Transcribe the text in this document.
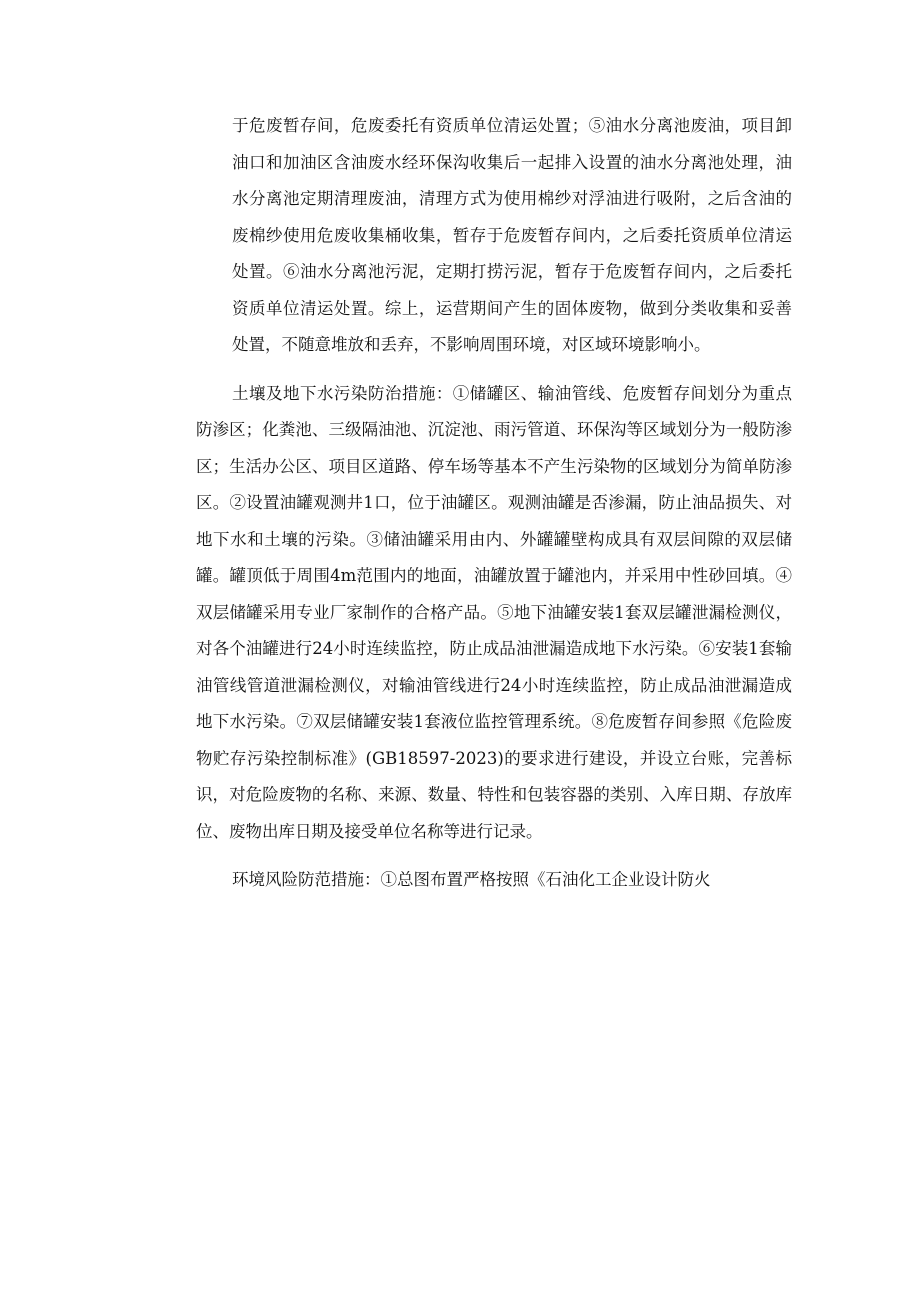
于危废暂存间，危废委托有资质单位清运处置；⑤油水分离池废油，项目卸油口和加油区含油废水经环保沟收集后一起排入设置的油水分离池处理，油水分离池定期清理废油，清理方式为使用棉纱对浮油进行吸附，之后含油的废棉纱使用危废收集桶收集，暂存于危废暂存间内，之后委托资质单位清运处置。⑥油水分离池污泥，定期打捞污泥，暂存于危废暂存间内，之后委托资质单位清运处置。综上，运营期间产生的固体废物，做到分类收集和妥善处置，不随意堆放和丢弃，不影响周围环境，对区域环境影响小。

土壤及地下水污染防治措施：①储罐区、输油管线、危废暂存间划分为重点防渗区；化粪池、三级隔油池、沉淀池、雨污管道、环保沟等区域划分为一般防渗区；生活办公区、项目区道路、停车场等基本不产生污染物的区域划分为简单防渗区。②设置油罐观测井1口，位于油罐区。观测油罐是否渗漏，防止油品损失、对地下水和土壤的污染。③储油罐采用由内、外罐罐壁构成具有双层间隙的双层储罐。罐顶低于周围4m范围内的地面，油罐放置于罐池内，并采用中性砂回填。④双层储罐采用专业厂家制作的合格产品。⑤地下油罐安装1套双层罐泄漏检测仪，对各个油罐进行24小时连续监控，防止成品油泄漏造成地下水污染。⑥安装1套输油管线管道泄漏检测仪，对输油管线进行24小时连续监控，防止成品油泄漏造成地下水污染。⑦双层储罐安装1套液位监控管理系统。⑧危废暂存间参照《危险废物贮存污染控制标准》(GB18597-2023)的要求进行建设，并设立台账，完善标识，对危险废物的名称、来源、数量、特性和包装容器的类别、入库日期、存放库位、废物出库日期及接受单位名称等进行记录。

环境风险防范措施：①总图布置严格按照《石油化工企业设计防火
